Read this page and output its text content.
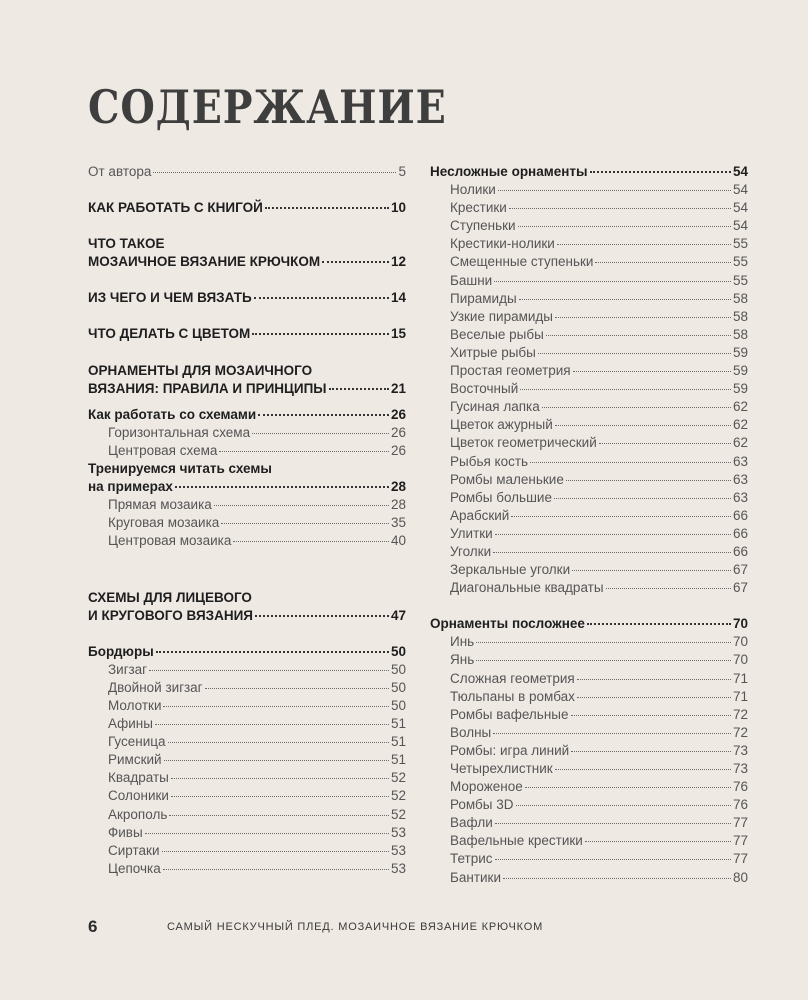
СОДЕРЖАНИЕ
От автора	5
КАК РАБОТАТЬ С КНИГОЙ	10
ЧТО ТАКОЕ
МОЗАИЧНОЕ ВЯЗАНИЕ КРЮЧКОМ	12
ИЗ ЧЕГО И ЧЕМ ВЯЗАТЬ	14
ЧТО ДЕЛАТЬ С ЦВЕТОМ	15
ОРНАМЕНТЫ ДЛЯ МОЗАИЧНОГО
ВЯЗАНИЯ: ПРАВИЛА И ПРИНЦИПЫ	21
Как работать со схемами	26
Горизонтальная схема	26
Центровая схема	26
Тренируемся читать схемы
на примерах	28
Прямая мозаика	28
Круговая мозаика	35
Центровая мозаика	40
СХЕМЫ ДЛЯ ЛИЦЕВОГО
И КРУГОВОГО ВЯЗАНИЯ	47
Бордюры	50
Зигзаг	50
Двойной зигзаг	50
Молотки	50
Афины	51
Гусеница	51
Римский	51
Квадраты	52
Солоники	52
Акрополь	52
Фивы	53
Сиртаки	53
Цепочка	53
Несложные орнаменты	54
Нолики	54
Крестики	54
Ступеньки	54
Крестики-нолики	55
Смещенные ступеньки	55
Башни	55
Пирамиды	58
Узкие пирамиды	58
Веселые рыбы	58
Хитрые рыбы	59
Простая геометрия	59
Восточный	59
Гусиная лапка	62
Цветок ажурный	62
Цветок геометрический	62
Рыбья кость	63
Ромбы маленькие	63
Ромбы большие	63
Арабский	66
Улитки	66
Уголки	66
Зеркальные уголки	67
Диагональные квадраты	67
Орнаменты посложнее	70
Инь	70
Янь	70
Сложная геометрия	71
Тюльпаны в ромбах	71
Ромбы вафельные	72
Волны	72
Ромбы: игра линий	73
Четырехлистник	73
Мороженое	76
Ромбы 3D	76
Вафли	77
Вафельные крестики	77
Тетрис	77
Бантики	80
6	САМЫЙ НЕСКУЧНЫЙ ПЛЕД. МОЗАИЧНОЕ ВЯЗАНИЕ КРЮЧКОМ
